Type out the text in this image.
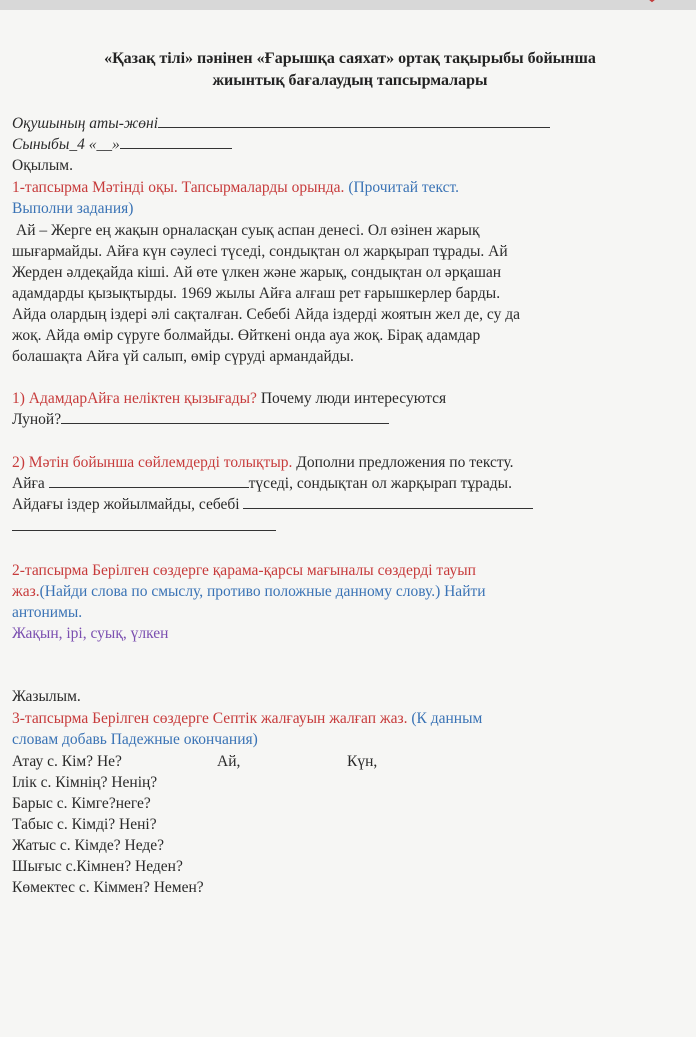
«Қазақ тілі» пәнінен «Ғарышқа саяхат» ортақ тақырыбы бойынша
жиынтық бағалаудың тапсырмалары
Оқушының аты-жөні
Сыныбы_4 «__»
Оқылым.
1-тапсырма Мәтінді оқы. Тапсырмаларды орында. (Прочитай текст.
Выполни задания)
Ай – Жерге ең жақын орналасқан суық аспан денесі. Ол өзінен жарық
шығармайды. Айға күн сәулесі түседі, сондықтан ол жарқырап тұрады. Ай
Жерден әлдеқайда кіші. Ай өте үлкен және жарық, сондықтан ол әрқашан
адамдарды қызықтырды. 1969 жылы Айға алғаш рет ғарышкерлер барды.
Айда олардың іздері әлі сақталған. Себебі Айда іздерді жоятын жел де, су да
жоқ. Айда өмір сүруге болмайды. Өйткені онда ауа жоқ. Бірақ адамдар
болашақта Айға үй салып, өмір сүруді армандайды.
1) АдамдарАйға неліктен қызығады? Почему люди интересуются
Луной?
2) Мәтін бойынша сөйлемдерді толықтыр. Дополни предложения по тексту.
Айға	түседі, сондықтан ол жарқырап тұрады.
Айдағы іздер жойылмайды, себебі
2-тапсырма Берілген сөздерге қарама-қарсы мағыналы сөздерді тауып
жаз.(Найди слова по смыслу, противо положные данному слову.) Найти
антонимы.
Жақын, ірі, суық, үлкен
Жазылым.
3-тапсырма Берілген сөздерге Септік жалғауын жалғап жаз. (К данным
словам добавь Падежные окончания)
Атау с. Кім? Не?	Ай,	Күн,
Ілік с. Кімнің? Ненің?
Барыс с. Кімге?неге?
Табыс с. Кімді? Нені?
Жатыс с. Кімде? Неде?
Шығыс с.Кімнен? Неден?
Көмектес с. Кіммен? Немен?
